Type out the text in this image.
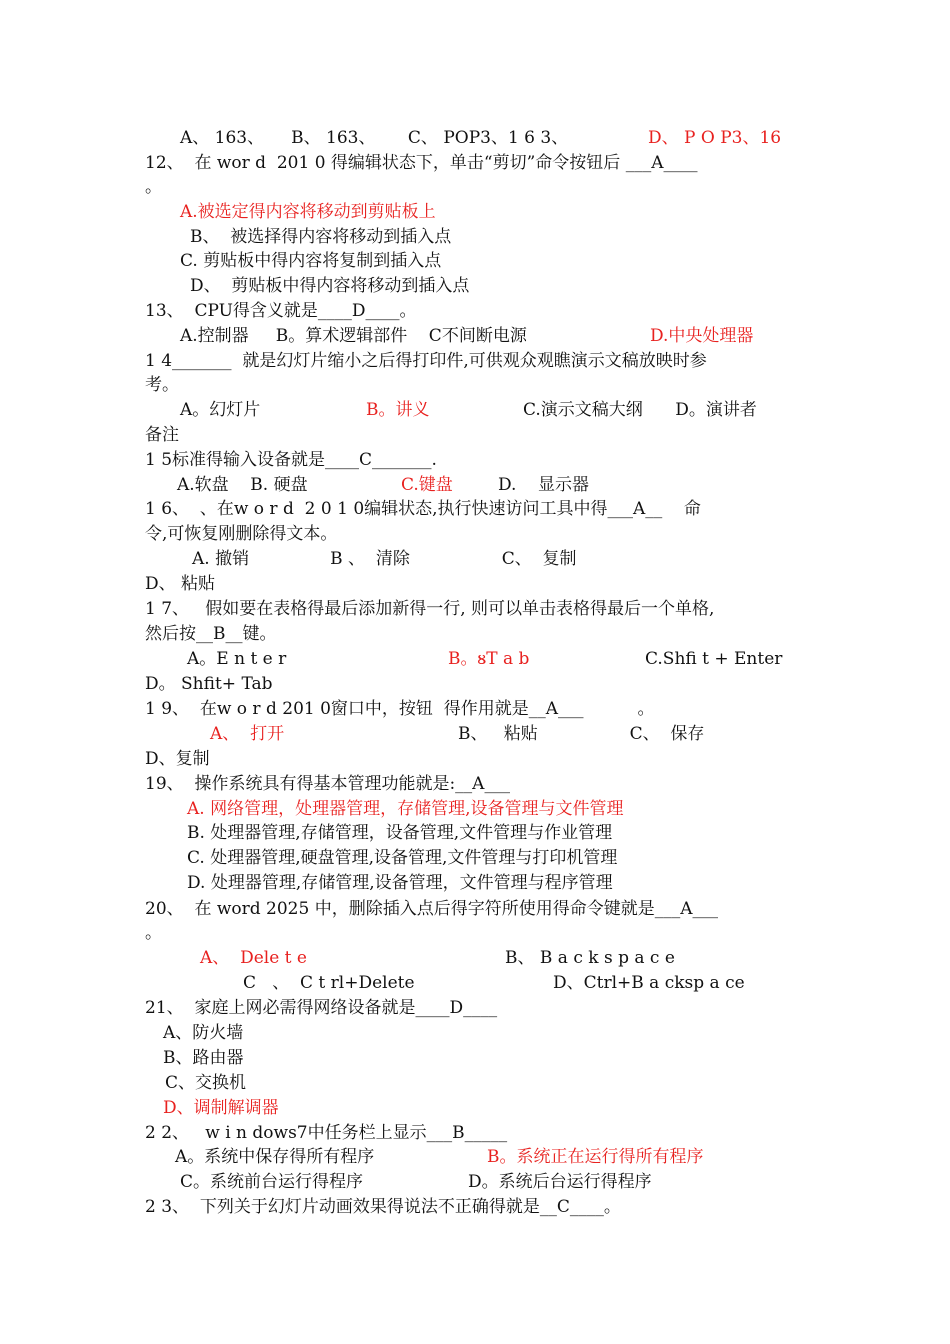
A、 163、     B、 163、      C、 POP3、1 6 3、	D、 P O P3、16
12、  在 wor d  201 0 得编辑状态下，单击“剪切”命令按钮后 ___A____
。
A.被选定得内容将移动到剪贴板上
B、  被选择得内容将移动到插入点
C. 剪贴板中得内容将复制到插入点
D、  剪贴板中得内容将移动到插入点
13、  CPU得含义就是____D____。
A.控制器     B。算术逻辑部件    C不间断电源	D.中央处理器
1 4_______  就是幻灯片缩小之后得打印件,可供观众观瞧演示文稿放映时参
考。
A。幻灯片	B。讲义	C.演示文稿大纲      D。演讲者
备注
1 5标准得输入设备就是____C_______.
A.软盘    B. 硬盘	C.键盘	D.    显示器
1 6、  、在w o r d  2 0 1 0编辑状态,执行快速访问工具中得___A__    命
令,可恢复刚删除得文本。
A. 撤销               B 、  清除                 C、  复制
D、 粘贴
1 7、   假如要在表格得最后添加新得一行, 则可以单击表格得最后一个单格,
然后按__B__键。
A。E n t e r	B。ᴕT a b	C.Shfi t + Enter
D。 Shfit+ Tab
1 9、  在w o r d 201 0窗口中，按钮  得作用就是__A___          。
A、  打开	B、   粘贴                 C、  保存
D、复制
19、  操作系统具有得基本管理功能就是:__A___
A. 网络管理，处理器管理，存储管理,设备管理与文件管理
B. 处理器管理,存储管理，设备管理,文件管理与作业管理
C. 处理器管理,硬盘管理,设备管理,文件管理与打印机管理
D. 处理器管理,存储管理,设备管理，文件管理与程序管理
20、  在 word 2025 中，删除插入点后得字符所使用得命令键就是___A___
。
A、  Dele t e	B、 B a c k s p a c e
C   、  C t rl+Delete	D、Ctrl+B a cksp a ce
21、  家庭上网必需得网络设备就是____D____
A、防火墙
B、路由器
C、交换机
D、调制解调器
2 2、   w i n dows7中任务栏上显示___B_____
A。系统中保存得所有程序	B。系统正在运行得所有程序
C。系统前台运行得程序	D。系统后台运行得程序
2 3、  下列关于幻灯片动画效果得说法不正确得就是__C____。
